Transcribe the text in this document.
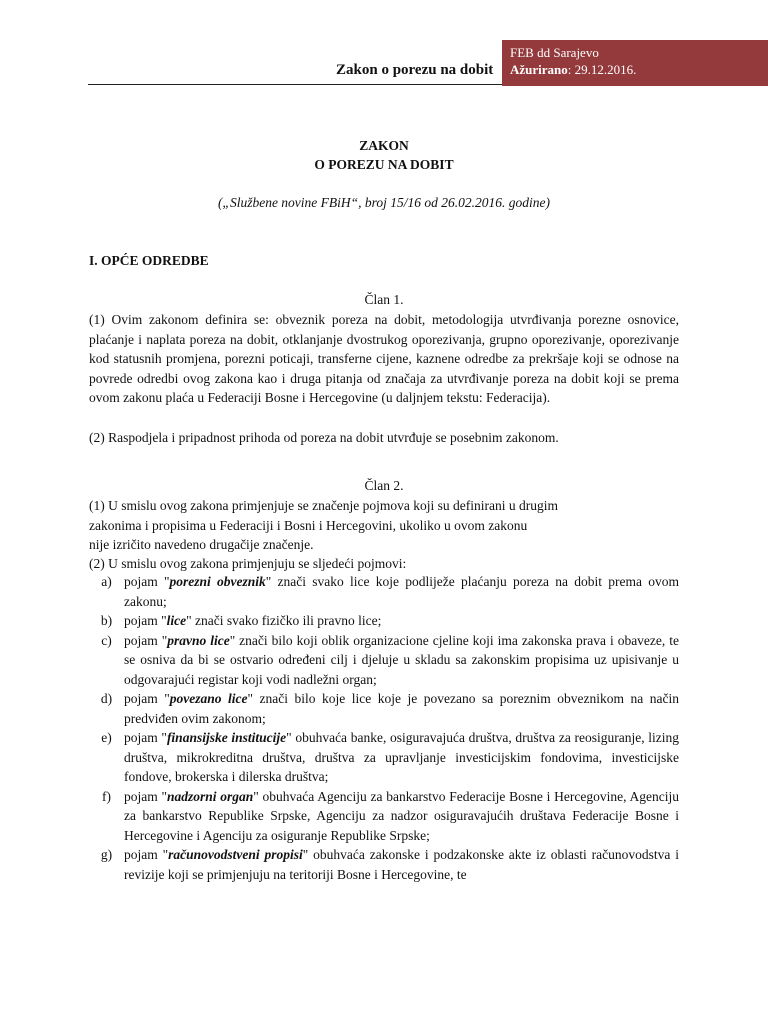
Zakon o porezu na dobit
FEB dd Sarajevo
Ažurirano: 29.12.2016.
ZAKON
O POREZU NA DOBIT
(„Službene novine FBiH“, broj 15/16 od 26.02.2016. godine)
I. OPĆE ODREDBE
Član 1.
(1) Ovim zakonom definira se: obveznik poreza na dobit, metodologija utvrđivanja porezne osnovice, plaćanje i naplata poreza na dobit, otklanjanje dvostrukog oporezivanja, grupno oporezivanje, oporezivanje kod statusnih promjena, porezni poticaji, transferne cijene, kaznene odredbe za prekršaje koji se odnose na povrede odredbi ovog zakona kao i druga pitanja od značaja za utvrđivanje poreza na dobit koji se prema ovom zakonu plaća u Federaciji Bosne i Hercegovine (u daljnjem tekstu: Federacija).
(2) Raspodjela i pripadnost prihoda od poreza na dobit utvrđuje se posebnim zakonom.
Član 2.
(1) U smislu ovog zakona primjenjuje se značenje pojmova koji su definirani u drugim
zakonima i propisima u Federaciji i Bosni i Hercegovini, ukoliko u ovom zakonu
nije izričito navedeno drugačije značenje.
(2) U smislu ovog zakona primjenjuju se sljedeći pojmovi:
a) pojam "porezni obveznik" znači svako lice koje podliježe plaćanju poreza na dobit prema ovom zakonu;
b) pojam "lice" znači svako fizičko ili pravno lice;
c) pojam "pravno lice" znači bilo koji oblik organizacione cjeline koji ima zakonska prava i obaveze, te se osniva da bi se ostvario određeni cilj i djeluje u skladu sa zakonskim propisima uz upisivanje u odgovarajući registar koji vodi nadležni organ;
d) pojam "povezano lice" znači bilo koje lice koje je povezano sa poreznim obveznikom na način predviđen ovim zakonom;
e) pojam "finansijske institucije" obuhvaća banke, osiguravajuća društva, društva za reosiguranje, lizing društva, mikrokreditna društva, društva za upravljanje investicijskim fondovima, investicijske fondove, brokerska i dilerska društva;
f) pojam "nadzorni organ" obuhvaća Agenciju za bankarstvo Federacije Bosne i Hercegovine, Agenciju za bankarstvo Republike Srpske, Agenciju za nadzor osiguravajućih društava Federacije Bosne i Hercegovine i Agenciju za osiguranje Republike Srpske;
g) pojam "računovodstveni propisi" obuhvaća zakonske i podzakonske akte iz oblasti računovodstva i revizije koji se primjenjuju na teritoriji Bosne i Hercegovine, te
